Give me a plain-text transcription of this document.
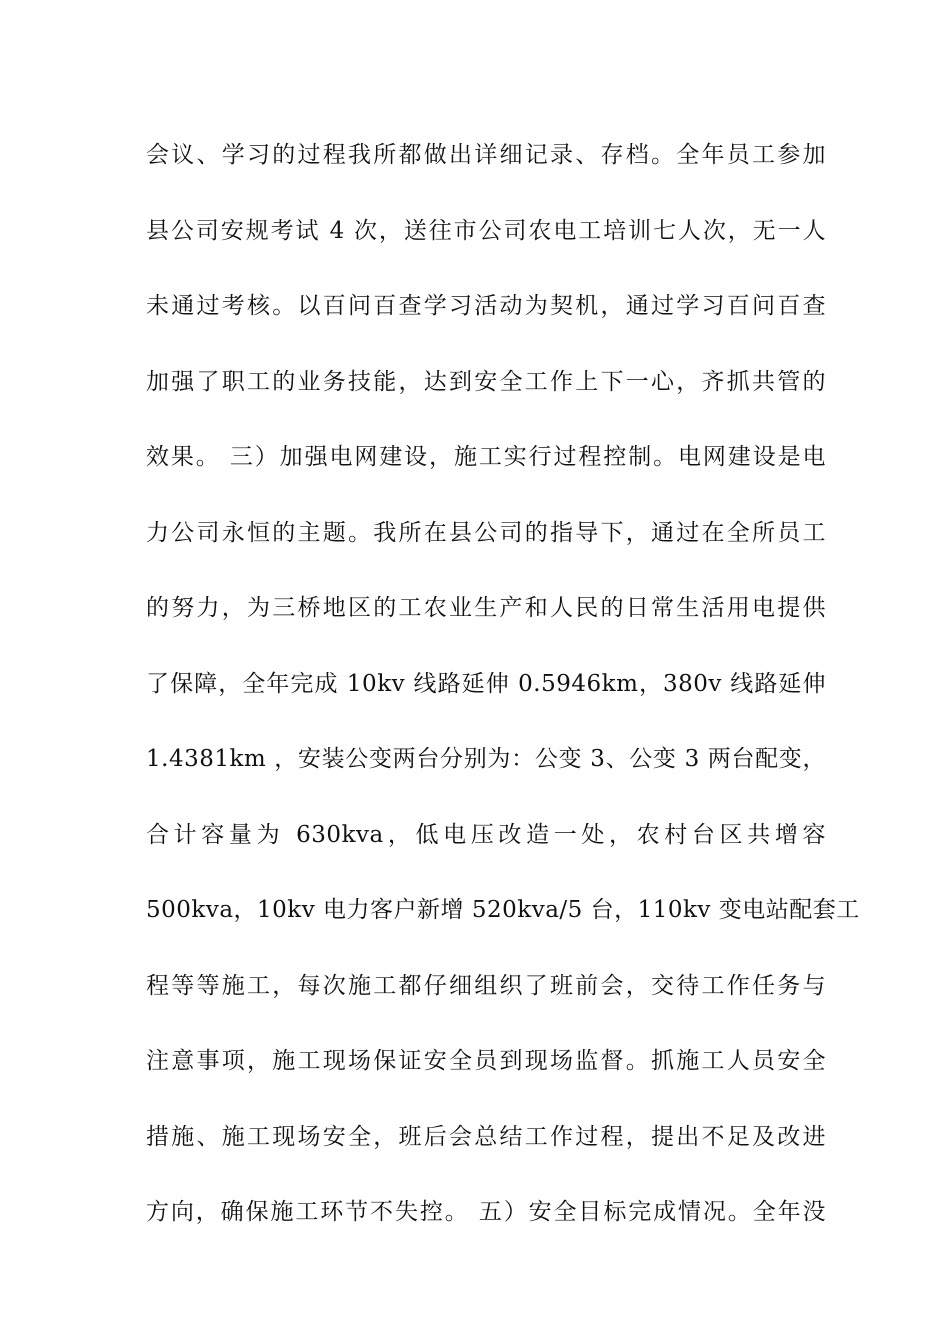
会议、学习的过程我所都做出详细记录、存档。全年员工参加
县公司安规考试 4 次，送往市公司农电工培训七人次，无一人
未通过考核。以百问百查学习活动为契机，通过学习百问百查
加强了职工的业务技能，达到安全工作上下一心，齐抓共管的
效果。 三）加强电网建设，施工实行过程控制。电网建设是电
力公司永恒的主题。我所在县公司的指导下，通过在全所员工
的努力，为三桥地区的工农业生产和人民的日常生活用电提供
了保障，全年完成 10kv 线路延伸 0.5946km，380v 线路延伸
1.4381km ，安装公变两台分别为：公变 3、公变 3 两台配变，
合计容量为 630kva，低电压改造一处，农村台区共增容
500kva，10kv 电力客户新增 520kva/5 台，110kv 变电站配套工
程等等施工，每次施工都仔细组织了班前会，交待工作任务与
注意事项，施工现场保证安全员到现场监督。抓施工人员安全
措施、施工现场安全，班后会总结工作过程，提出不足及改进
方向，确保施工环节不失控。 五）安全目标完成情况。全年没
